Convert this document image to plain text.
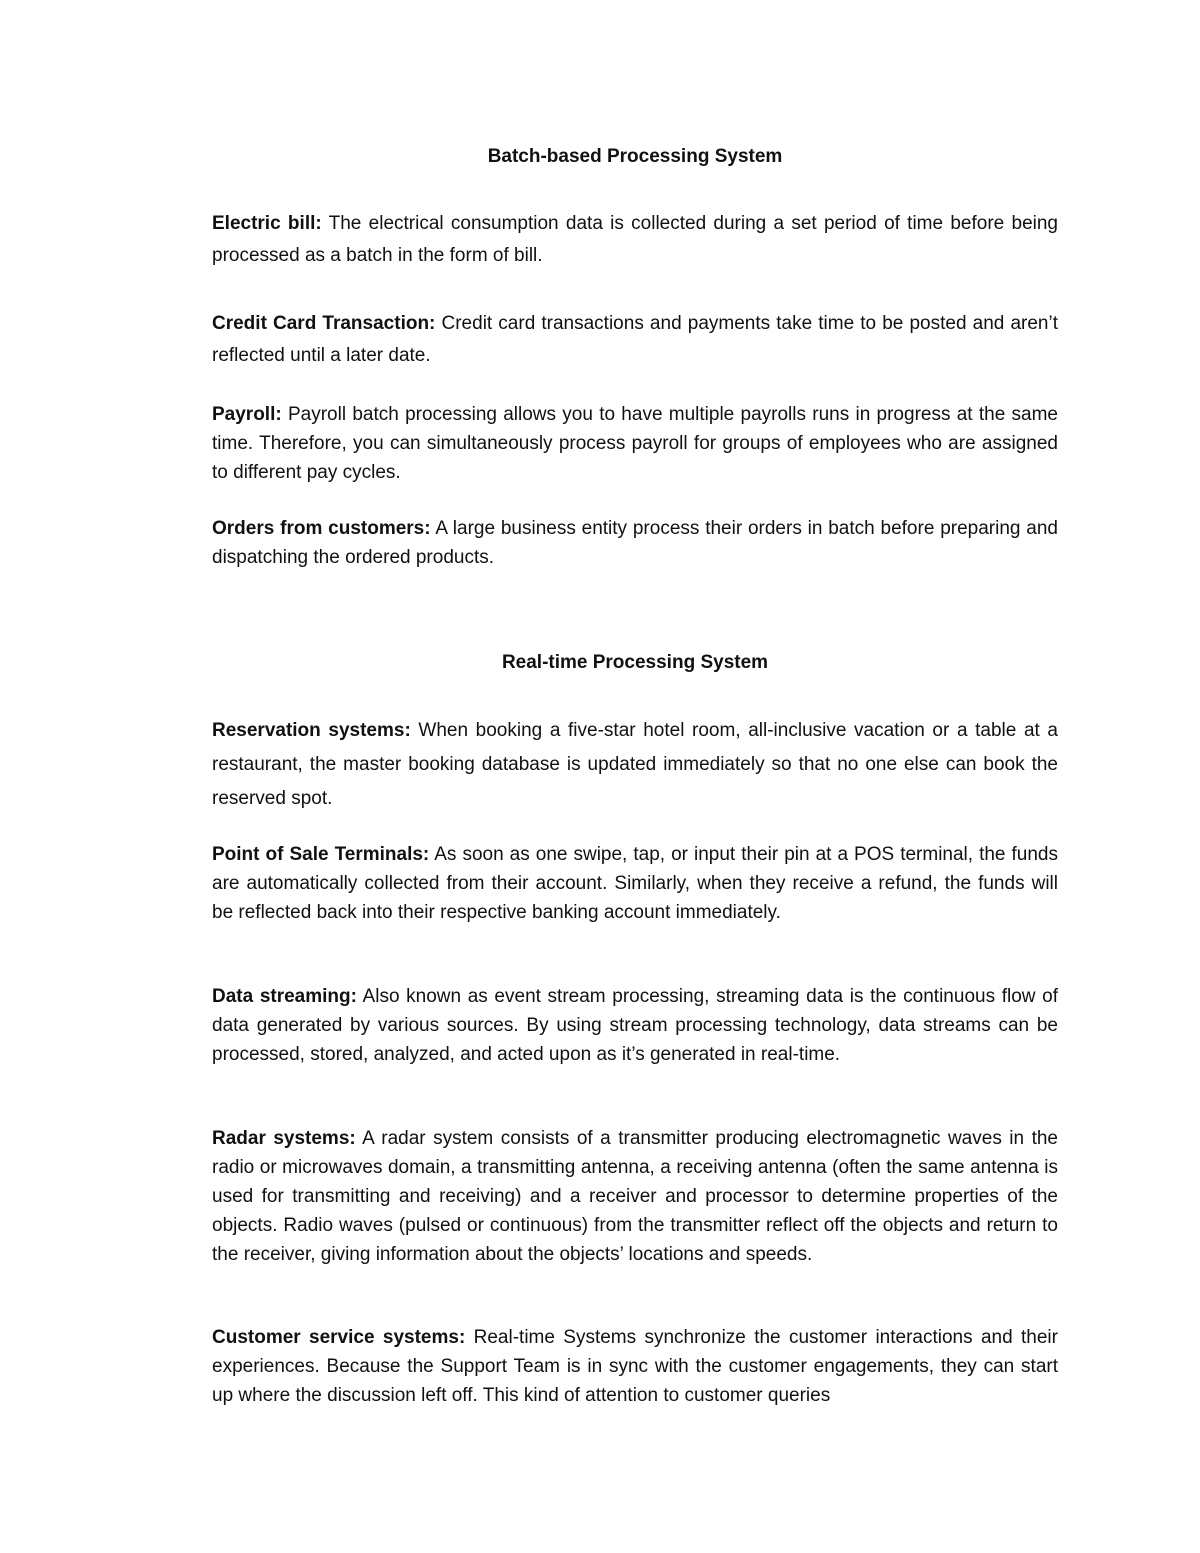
Batch-based Processing System

Electric bill: The electrical consumption data is collected during a set period of time before being processed as a batch in the form of bill.

Credit Card Transaction: Credit card transactions and payments take time to be posted and aren’t reflected until a later date.

Payroll: Payroll batch processing allows you to have multiple payrolls runs in progress at the same time. Therefore, you can simultaneously process payroll for groups of employees who are assigned to different pay cycles.

Orders from customers: A large business entity process their orders in batch before preparing and dispatching the ordered products.

Real-time Processing System

Reservation systems: When booking a five-star hotel room, all-inclusive vacation or a table at a restaurant, the master booking database is updated immediately so that no one else can book the reserved spot.

Point of Sale Terminals: As soon as one swipe, tap, or input their pin at a POS terminal, the funds are automatically collected from their account. Similarly, when they receive a refund, the funds will be reflected back into their respective banking account immediately.

Data streaming: Also known as event stream processing, streaming data is the continuous flow of data generated by various sources. By using stream processing technology, data streams can be processed, stored, analyzed, and acted upon as it’s generated in real-time.

Radar systems: A radar system consists of a transmitter producing electromagnetic waves in the radio or microwaves domain, a transmitting antenna, a receiving antenna (often the same antenna is used for transmitting and receiving) and a receiver and processor to determine properties of the objects. Radio waves (pulsed or continuous) from the transmitter reflect off the objects and return to the receiver, giving information about the objects’ locations and speeds.

Customer service systems: Real-time Systems synchronize the customer interactions and their experiences. Because the Support Team is in sync with the customer engagements, they can start up where the discussion left off. This kind of attention to customer queries
